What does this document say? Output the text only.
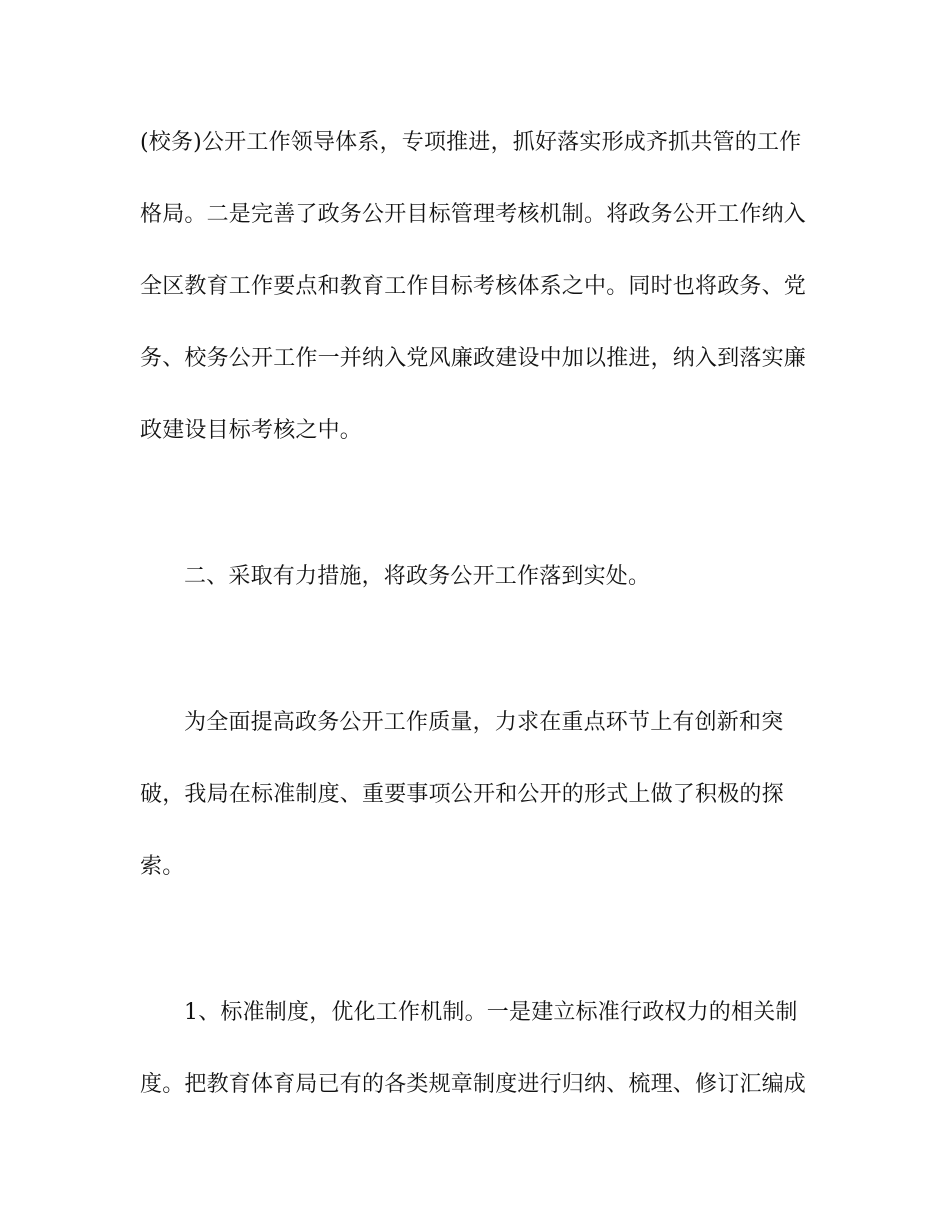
(校务)公开工作领导体系，专项推进，抓好落实形成齐抓共管的工作
格局。二是完善了政务公开目标管理考核机制。将政务公开工作纳入
全区教育工作要点和教育工作目标考核体系之中。同时也将政务、党
务、校务公开工作一并纳入党风廉政建设中加以推进，纳入到落实廉
政建设目标考核之中。
二、采取有力措施，将政务公开工作落到实处。
为全面提高政务公开工作质量，力求在重点环节上有创新和突
破，我局在标准制度、重要事项公开和公开的形式上做了积极的探
索。
1、标准制度，优化工作机制。一是建立标准行政权力的相关制
度。把教育体育局已有的各类规章制度进行归纳、梳理、修订汇编成
